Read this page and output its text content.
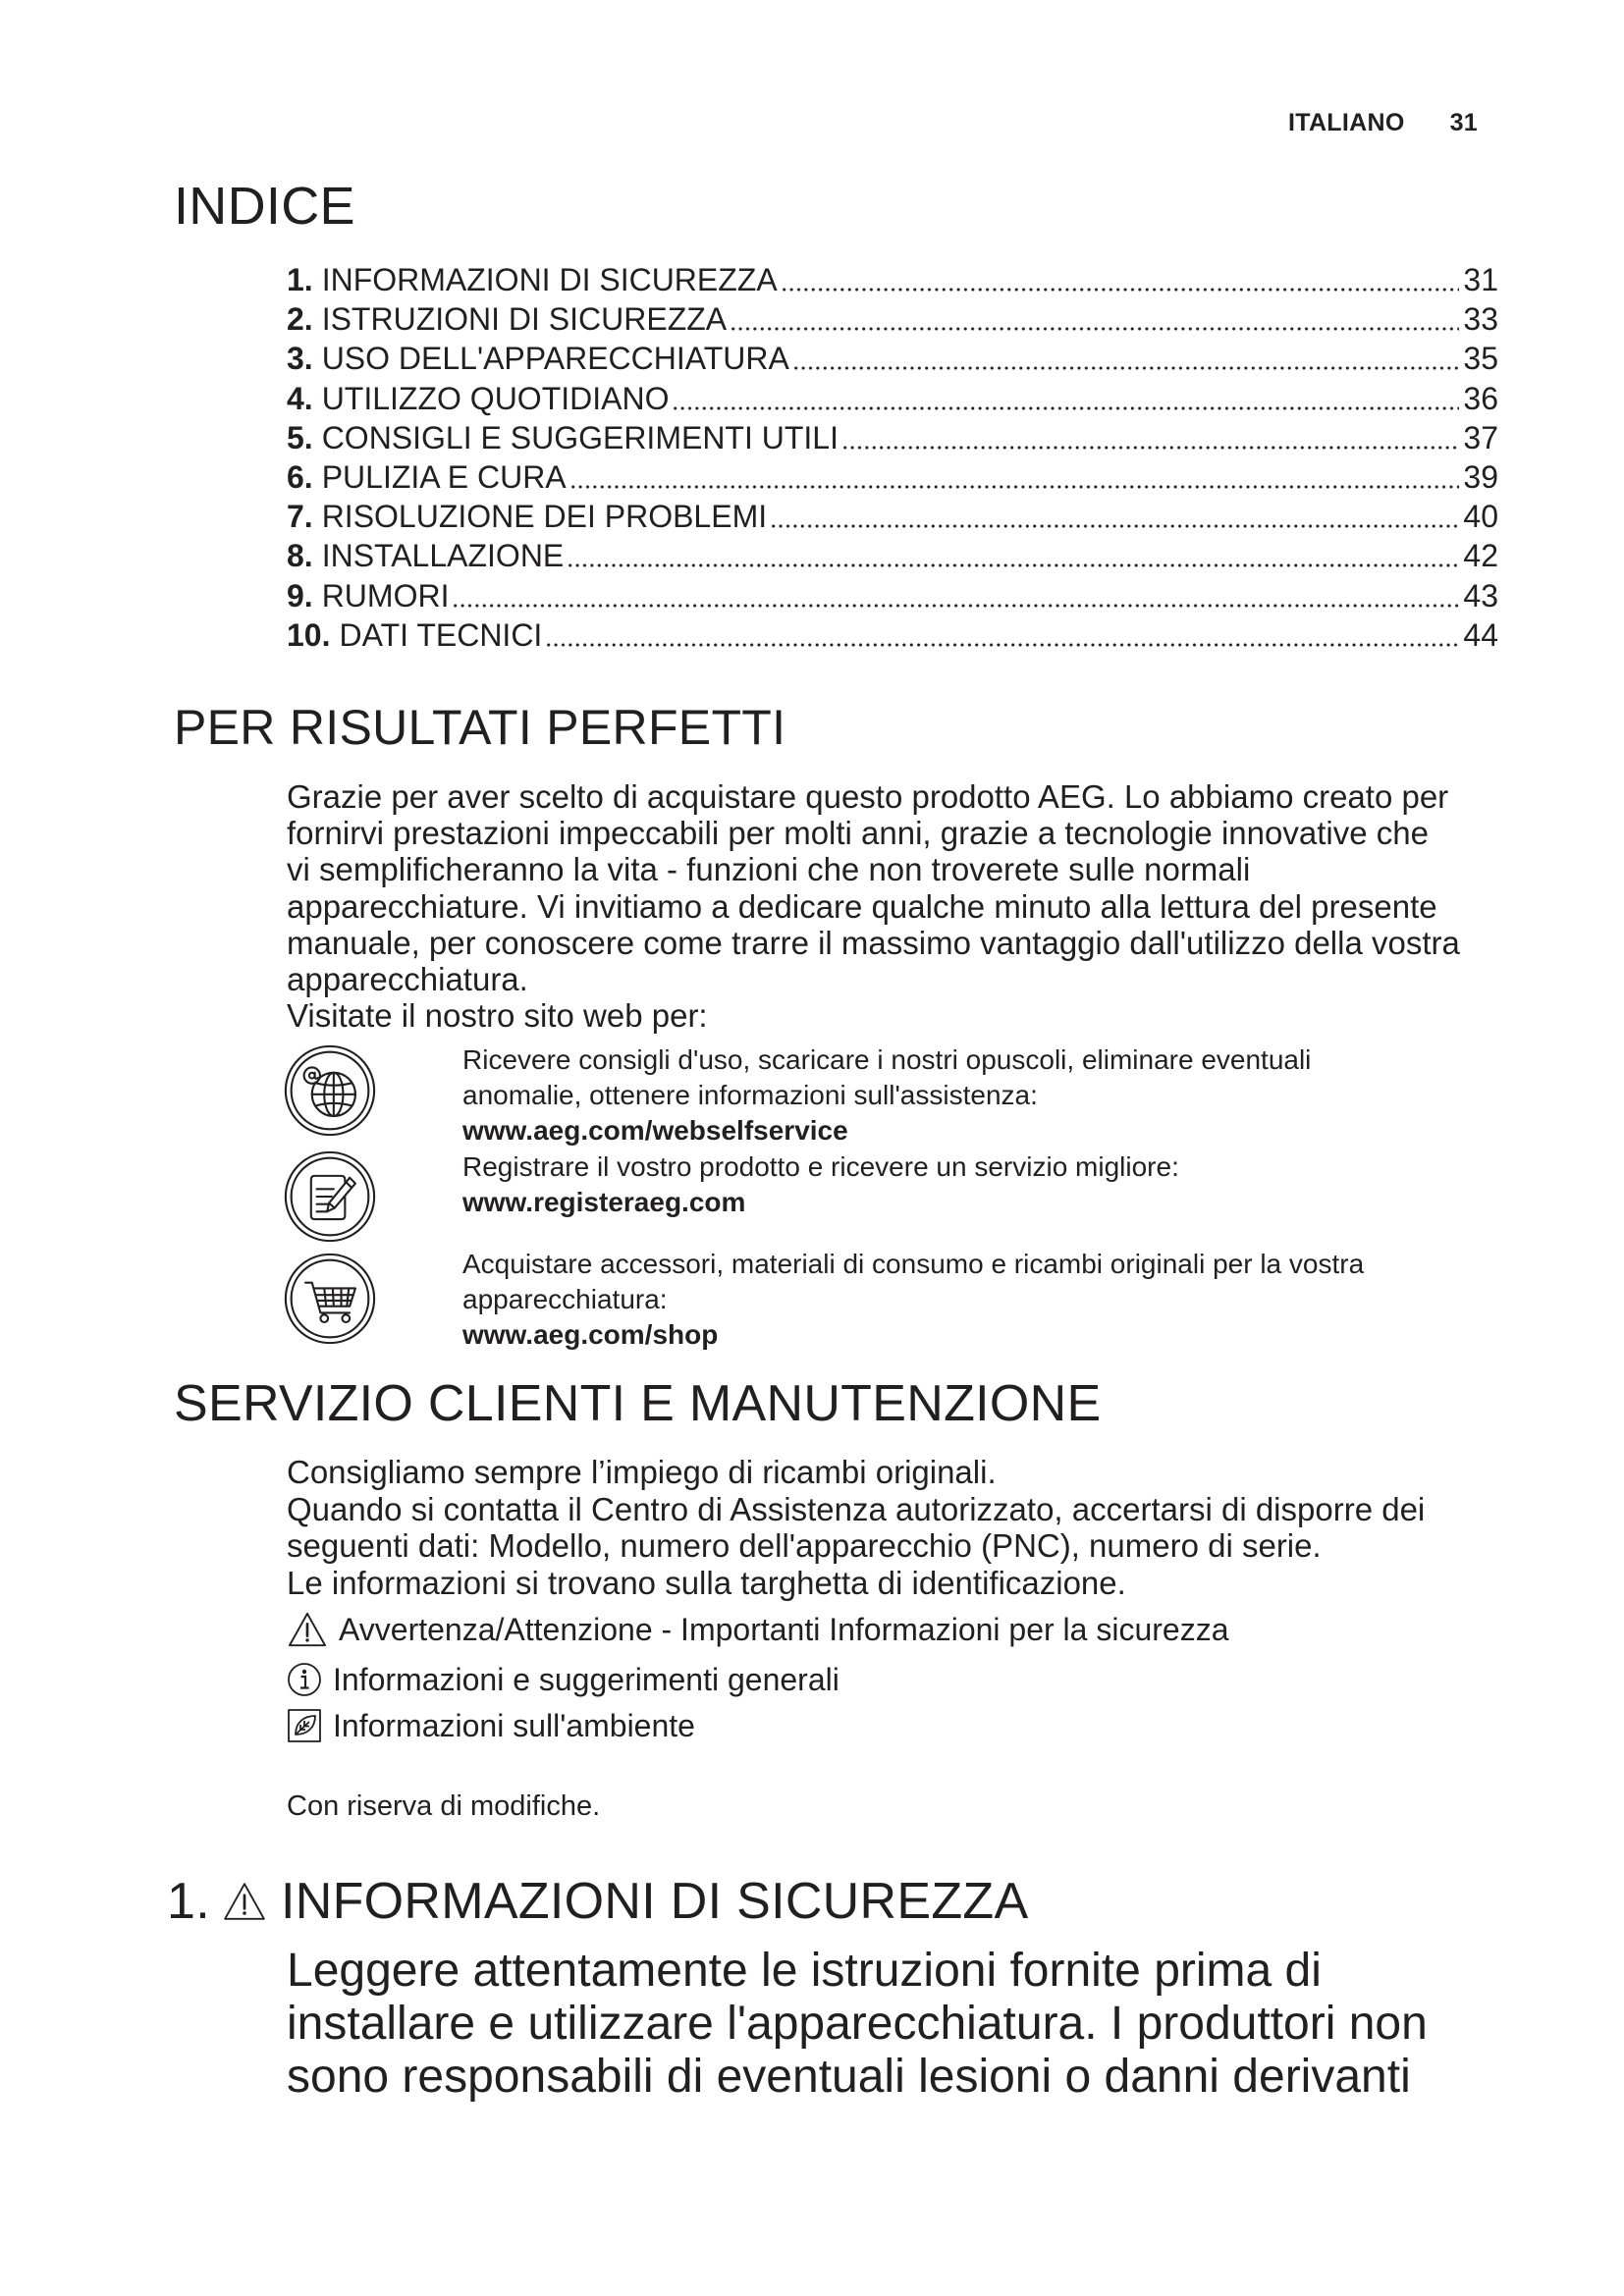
ITALIANO 31
INDICE
1. INFORMAZIONI DI SICUREZZA	31
2. ISTRUZIONI DI SICUREZZA	33
3. USO DELL'APPARECCHIATURA	35
4. UTILIZZO QUOTIDIANO	36
5. CONSIGLI E SUGGERIMENTI UTILI	37
6. PULIZIA E CURA	39
7. RISOLUZIONE DEI PROBLEMI	40
8. INSTALLAZIONE	42
9. RUMORI	43
10. DATI TECNICI	44
PER RISULTATI PERFETTI
Grazie per aver scelto di acquistare questo prodotto AEG. Lo abbiamo creato per
fornirvi prestazioni impeccabili per molti anni, grazie a tecnologie innovative che
vi semplificheranno la vita - funzioni che non troverete sulle normali
apparecchiature. Vi invitiamo a dedicare qualche minuto alla lettura del presente
manuale, per conoscere come trarre il massimo vantaggio dall'utilizzo della vostra
apparecchiatura.
Visitate il nostro sito web per:
Ricevere consigli d'uso, scaricare i nostri opuscoli, eliminare eventuali
anomalie, ottenere informazioni sull'assistenza:
www.aeg.com/webselfservice
Registrare il vostro prodotto e ricevere un servizio migliore:
www.registeraeg.com
Acquistare accessori, materiali di consumo e ricambi originali per la vostra
apparecchiatura:
www.aeg.com/shop
SERVIZIO CLIENTI E MANUTENZIONE
Consigliamo sempre l’impiego di ricambi originali.
Quando si contatta il Centro di Assistenza autorizzato, accertarsi di disporre dei
seguenti dati: Modello, numero dell'apparecchio (PNC), numero di serie.
Le informazioni si trovano sulla targhetta di identificazione.
Avvertenza/Attenzione - Importanti Informazioni per la sicurezza
Informazioni e suggerimenti generali
Informazioni sull'ambiente
Con riserva di modifiche.
1. INFORMAZIONI DI SICUREZZA
Leggere attentamente le istruzioni fornite prima di
installare e utilizzare l'apparecchiatura. I produttori non
sono responsabili di eventuali lesioni o danni derivanti
